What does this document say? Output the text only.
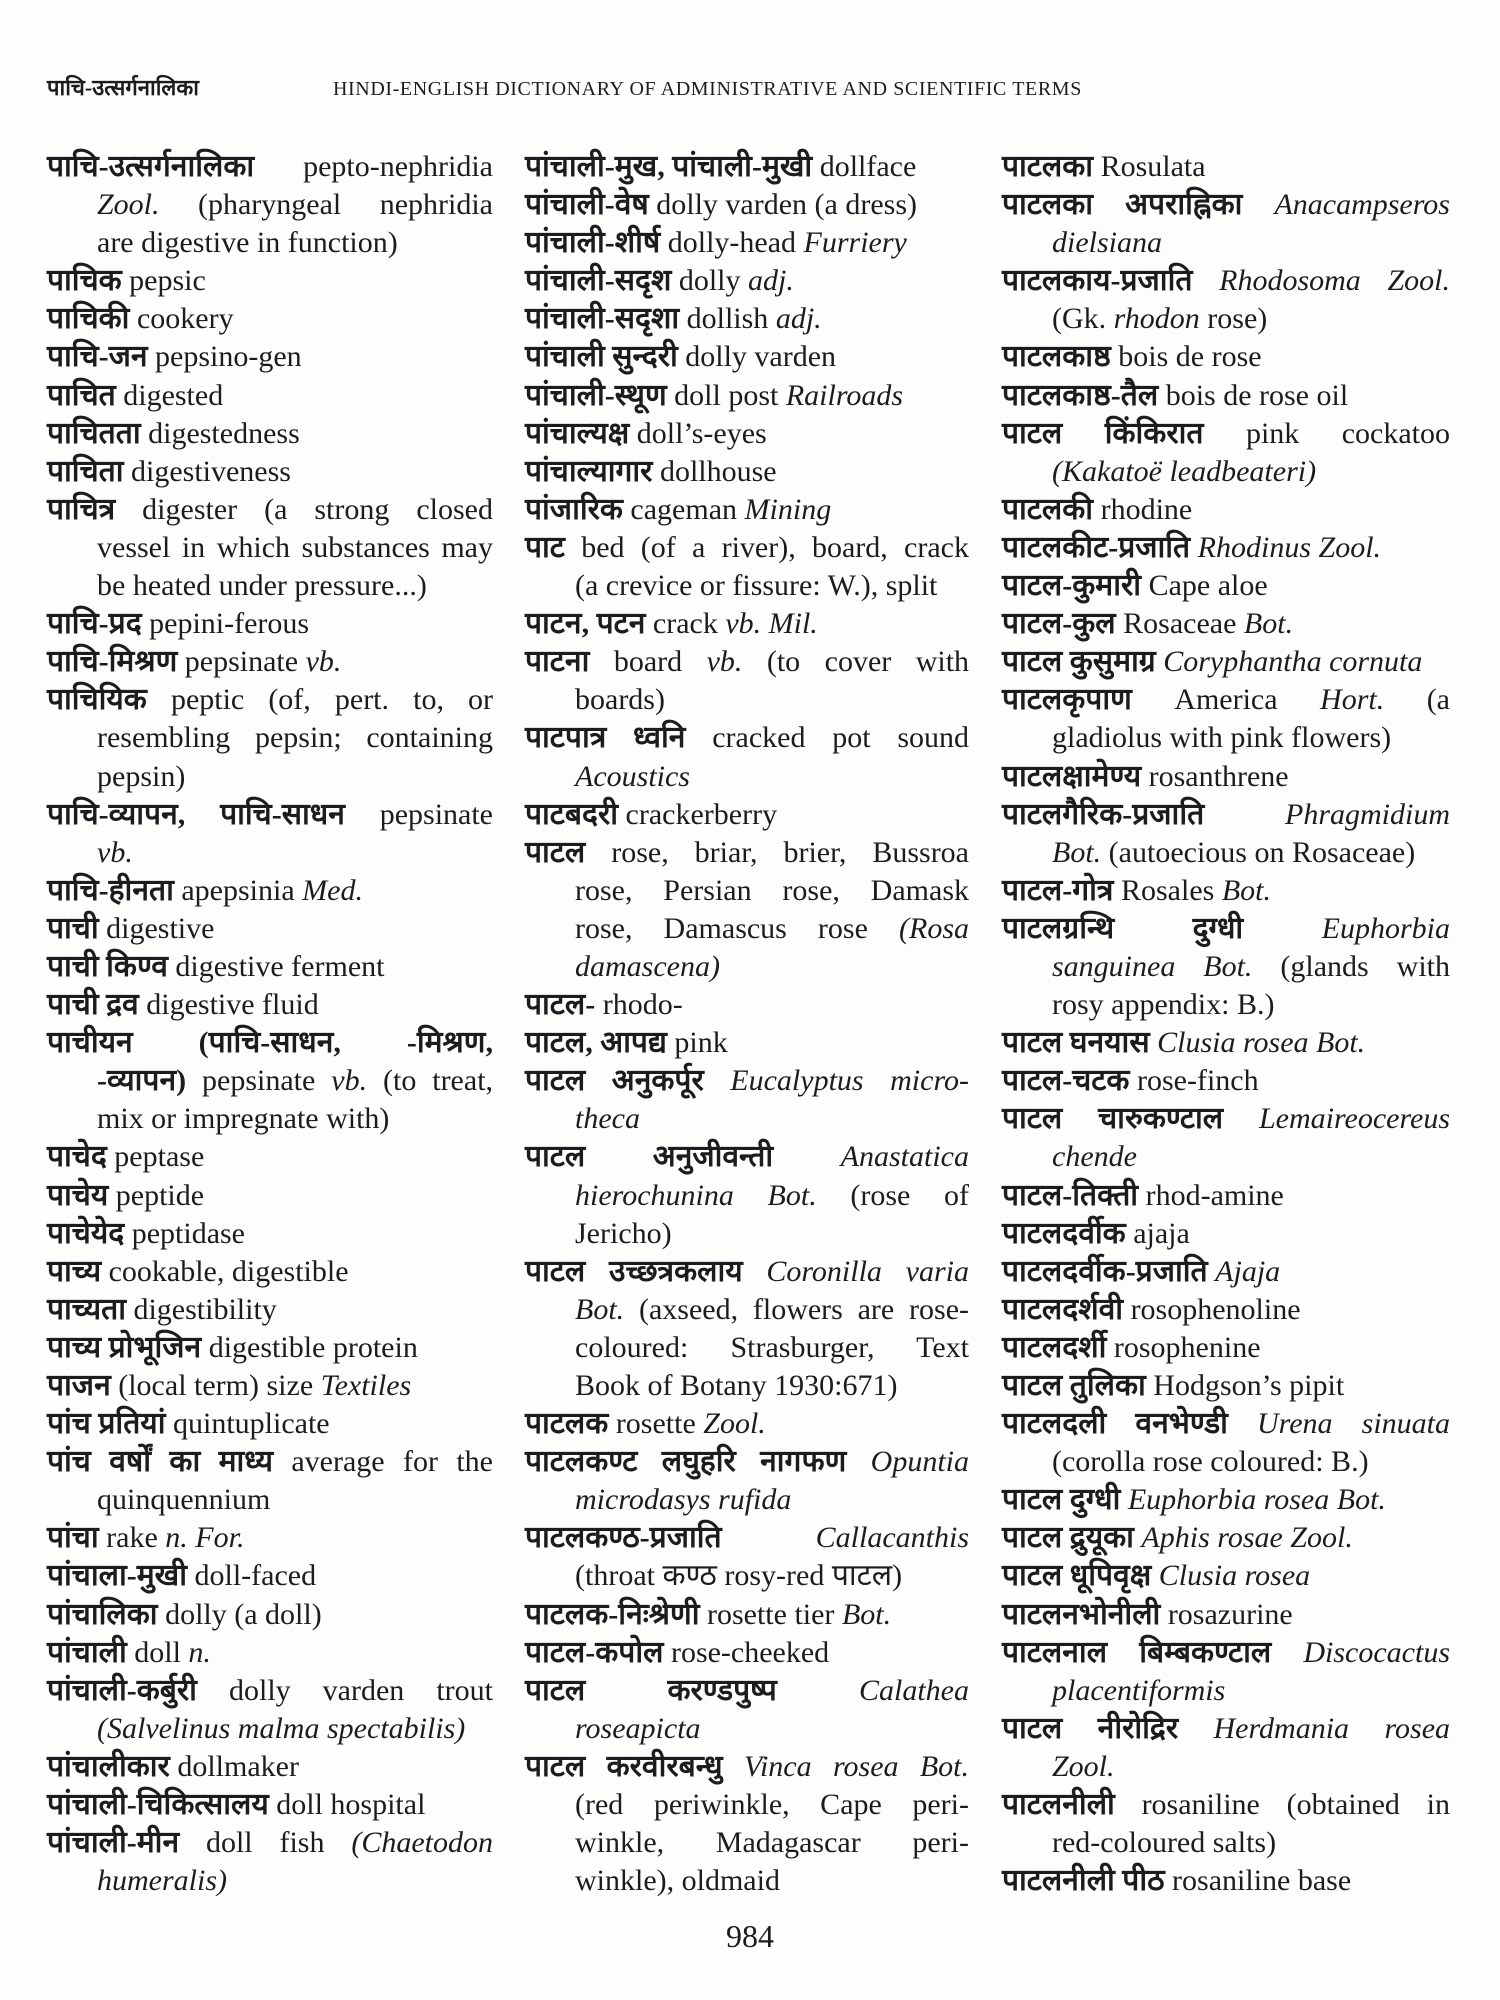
पाचि-उत्सर्गनालिका	HINDI-ENGLISH DICTIONARY OF ADMINISTRATIVE AND SCIENTIFIC TERMS
पाचि-उत्सर्गनालिका pepto-nephridia
Zool. (pharyngeal nephridia
are digestive in function)
पाचिक pepsic
पाचिकी cookery
पाचि-जन pepsino-gen
पाचित digested
पाचितता digestedness
पाचिता digestiveness
पाचित्र digester (a strong closed
vessel in which substances may
be heated under pressure...)
पाचि-प्रद pepini-ferous
पाचि-मिश्रण pepsinate vb.
पाचियिक peptic (of, pert. to, or
resembling pepsin; containing
pepsin)
पाचि-व्यापन, पाचि-साधन pepsinate
vb.
पाचि-हीनता apepsinia Med.
पाची digestive
पाची किण्व digestive ferment
पाची द्रव digestive fluid
पाचीयन (पाचि-साधन, -मिश्रण,
-व्यापन) pepsinate vb. (to treat,
mix or impregnate with)
पाचेद peptase
पाचेय peptide
पाचेयेद peptidase
पाच्य cookable, digestible
पाच्यता digestibility
पाच्य प्रोभूजिन digestible protein
पाजन (local term) size Textiles
पांच प्रतियां quintuplicate
पांच वर्षों का माध्य average for the
quinquennium
पांचा rake n. For.
पांचाला-मुखी doll-faced
पांचालिका dolly (a doll)
पांचाली doll n.
पांचाली-कर्बुरी dolly varden trout
(Salvelinus malma spectabilis)
पांचालीकार dollmaker
पांचाली-चिकित्सालय doll hospital
पांचाली-मीन doll fish (Chaetodon
humeralis)
पांचाली-मुख, पांचाली-मुखी dollface
पांचाली-वेष dolly varden (a dress)
पांचाली-शीर्ष dolly-head Furriery
पांचाली-सदृश dolly adj.
पांचाली-सदृशा dollish adj.
पांचाली सुन्दरी dolly varden
पांचाली-स्थूण doll post Railroads
पांचाल्यक्ष doll’s-eyes
पांचाल्यागार dollhouse
पांजारिक cageman Mining
पाट bed (of a river), board, crack
(a crevice or fissure: W.), split
पाटन, पटन crack vb. Mil.
पाटना board vb. (to cover with
boards)
पाटपात्र ध्वनि cracked pot sound
Acoustics
पाटबदरी crackerberry
पाटल rose, briar, brier, Bussroa
rose, Persian rose, Damask
rose, Damascus rose (Rosa
damascena)
पाटल- rhodo-
पाटल, आपद्य pink
पाटल अनुकर्पूर Eucalyptus micro-
theca
पाटल अनुजीवन्ती Anastatica
hierochunina Bot. (rose of
Jericho)
पाटल उच्छत्रकलाय Coronilla varia
Bot. (axseed, flowers are rose-
coloured: Strasburger, Text
Book of Botany 1930:671)
पाटलक rosette Zool.
पाटलकण्ट लघुहरि नागफण Opuntia
microdasys rufida
पाटलकण्ठ-प्रजाति	Callacanthis
(throat कण्ठ rosy-red पाटल)
पाटलक-निःश्रेणी rosette tier Bot.
पाटल-कपोल rose-cheeked
पाटल करण्डपुष्प	Calathea
roseapicta
पाटल करवीरबन्धु Vinca rosea Bot.
(red periwinkle, Cape peri-
winkle, Madagascar peri-
winkle), oldmaid
पाटलका Rosulata
पाटलका अपराह्निका Anacampseros
dielsiana
पाटलकाय-प्रजाति Rhodosoma Zool.
(Gk. rhodon rose)
पाटलकाष्ठ bois de rose
पाटलकाष्ठ-तैल bois de rose oil
पाटल किंकिरात pink cockatoo
(Kakatoë leadbeateri)
पाटलकी rhodine
पाटलकीट-प्रजाति Rhodinus Zool.
पाटल-कुमारी Cape aloe
पाटल-कुल Rosaceae Bot.
पाटल कुसुमाग्र Coryphantha cornuta
पाटलकृपाण America Hort. (a
gladiolus with pink flowers)
पाटलक्षामेण्य rosanthrene
पाटलगैरिक-प्रजाति	Phragmidium
Bot. (autoecious on Rosaceae)
पाटल-गोत्र Rosales Bot.
पाटलग्रन्थि दुग्धी	Euphorbia
sanguinea Bot. (glands with
rosy appendix: B.)
पाटल घनयास Clusia rosea Bot.
पाटल-चटक rose-finch
पाटल चारुकण्टाल Lemaireocereus
chende
पाटल-तिक्ती rhod-amine
पाटलदर्वीक ajaja
पाटलदर्वीक-प्रजाति Ajaja
पाटलदर्शवी rosophenoline
पाटलदर्शी rosophenine
पाटल तुलिका Hodgson’s pipit
पाटलदली वनभेण्डी Urena sinuata
(corolla rose coloured: B.)
पाटल दुग्धी Euphorbia rosea Bot.
पाटल द्रुयूका Aphis rosae Zool.
पाटल धूपिवृक्ष Clusia rosea
पाटलनभोनीली rosazurine
पाटलनाल बिम्बकण्टाल Discocactus
placentiformis
पाटल नीरोद्रिर Herdmania rosea
Zool.
पाटलनीली rosaniline (obtained in
red-coloured salts)
पाटलनीली पीठ rosaniline base
984
